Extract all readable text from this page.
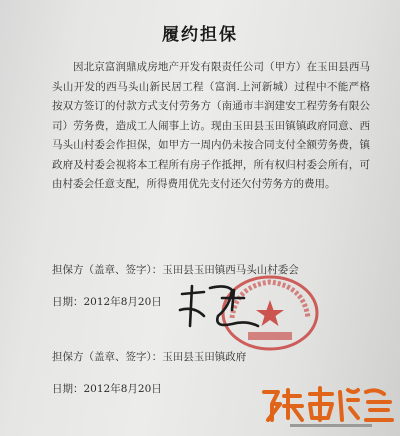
履约担保

因北京富润鼎成房地产开发有限责任公司（甲方）在玉田县西马头山开发的西马头山新民居工程（富润.上河新城）过程中不能严格按双方签订的付款方式支付劳务方（南通市丰润建安工程劳务有限公司）劳务费，造成工人闹事上访。现由玉田县玉田镇镇政府同意、西马头山村委会作担保，如甲方一周内仍未按合同支付全额劳务费，镇政府及村委会视将本工程所有房子作抵押，所有权归村委会所有，可由村委会任意支配，所得费用优先支付还欠付劳务方的费用。

担保方（盖章、签字）：玉田县玉田镇西马头山村委会
日期：2012年8月20日
担保方（盖章、签字）：玉田县玉田镇政府
日期：2012年8月20日
